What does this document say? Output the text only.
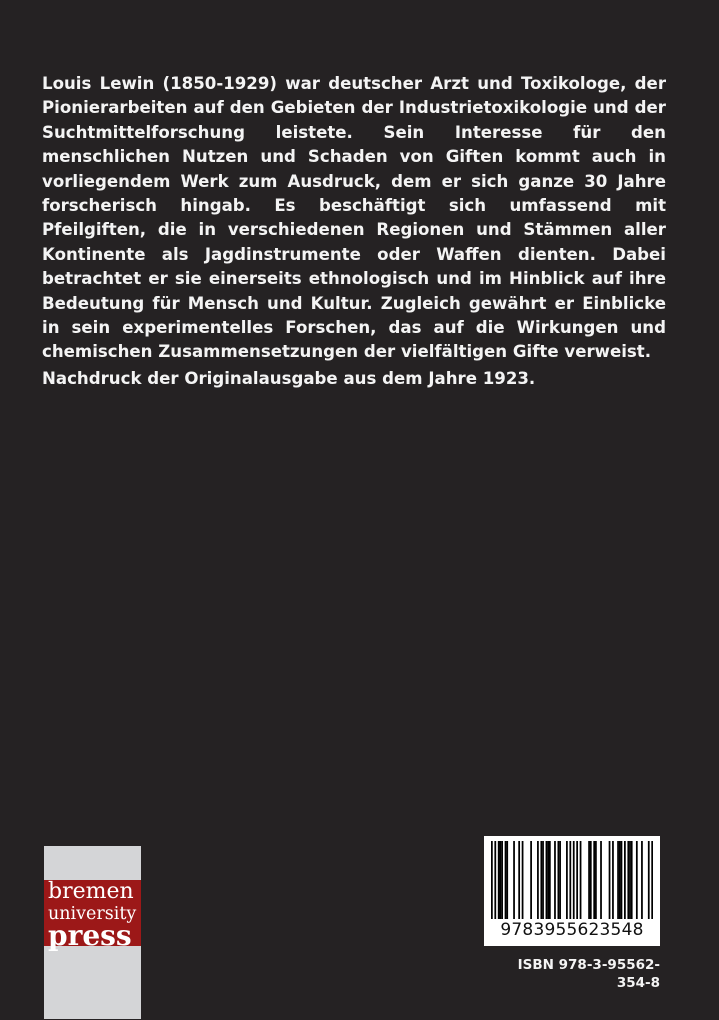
Louis Lewin (1850-1929) war deutscher Arzt und Toxikologe, der Pionierarbeiten auf den Gebieten der Industrietoxikologie und der Suchtmittelforschung leistete. Sein Interesse für den menschlichen Nutzen und Schaden von Giften kommt auch in vorliegendem Werk zum Ausdruck, dem er sich ganze 30 Jahre forscherisch hingab. Es beschäftigt sich umfassend mit Pfeilgiften, die in verschiedenen Regionen und Stämmen aller Kontinente als Jagdinstrumente oder Waffen dienten. Dabei betrachtet er sie einerseits ethnologisch und im Hinblick auf ihre Bedeutung für Mensch und Kultur. Zugleich gewährt er Einblicke in sein experimentelles Forschen, das auf die Wirkungen und chemischen Zusammensetzungen der vielfältigen Gifte verweist.

Nachdruck der Originalausgabe aus dem Jahre 1923.

bremen
university
press	9783955623548
ISBN 978-3-95562-354-8
